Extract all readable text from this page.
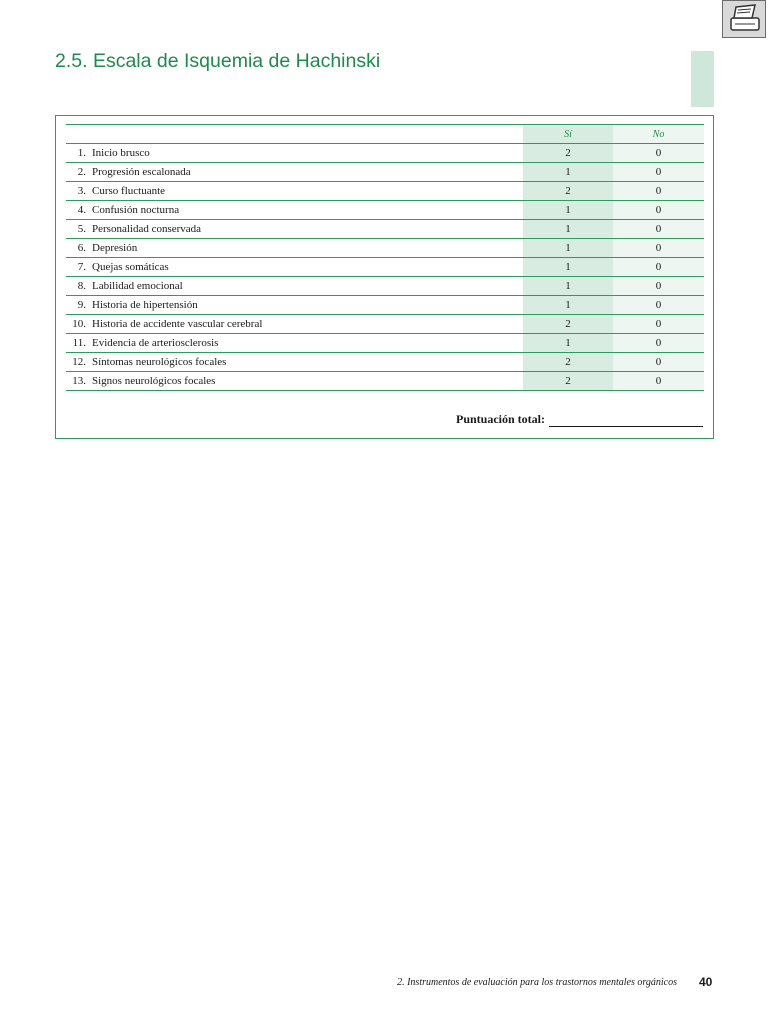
2.5. Escala de Isquemia de Hachinski
	Sí	No
1. Inicio brusco	2	0
2. Progresión escalonada	1	0
3. Curso fluctuante	2	0
4. Confusión nocturna	1	0
5. Personalidad conservada	1	0
6. Depresión	1	0
7. Quejas somáticas	1	0
8. Labilidad emocional	1	0
9. Historia de hipertensión	1	0
10. Historia de accidente vascular cerebral	2	0
11. Evidencia de arteriosclerosis	1	0
12. Síntomas neurológicos focales	2	0
13. Signos neurológicos focales	2	0
Puntuación total:
2. Instrumentos de evaluación para los trastornos mentales orgánicos 40
